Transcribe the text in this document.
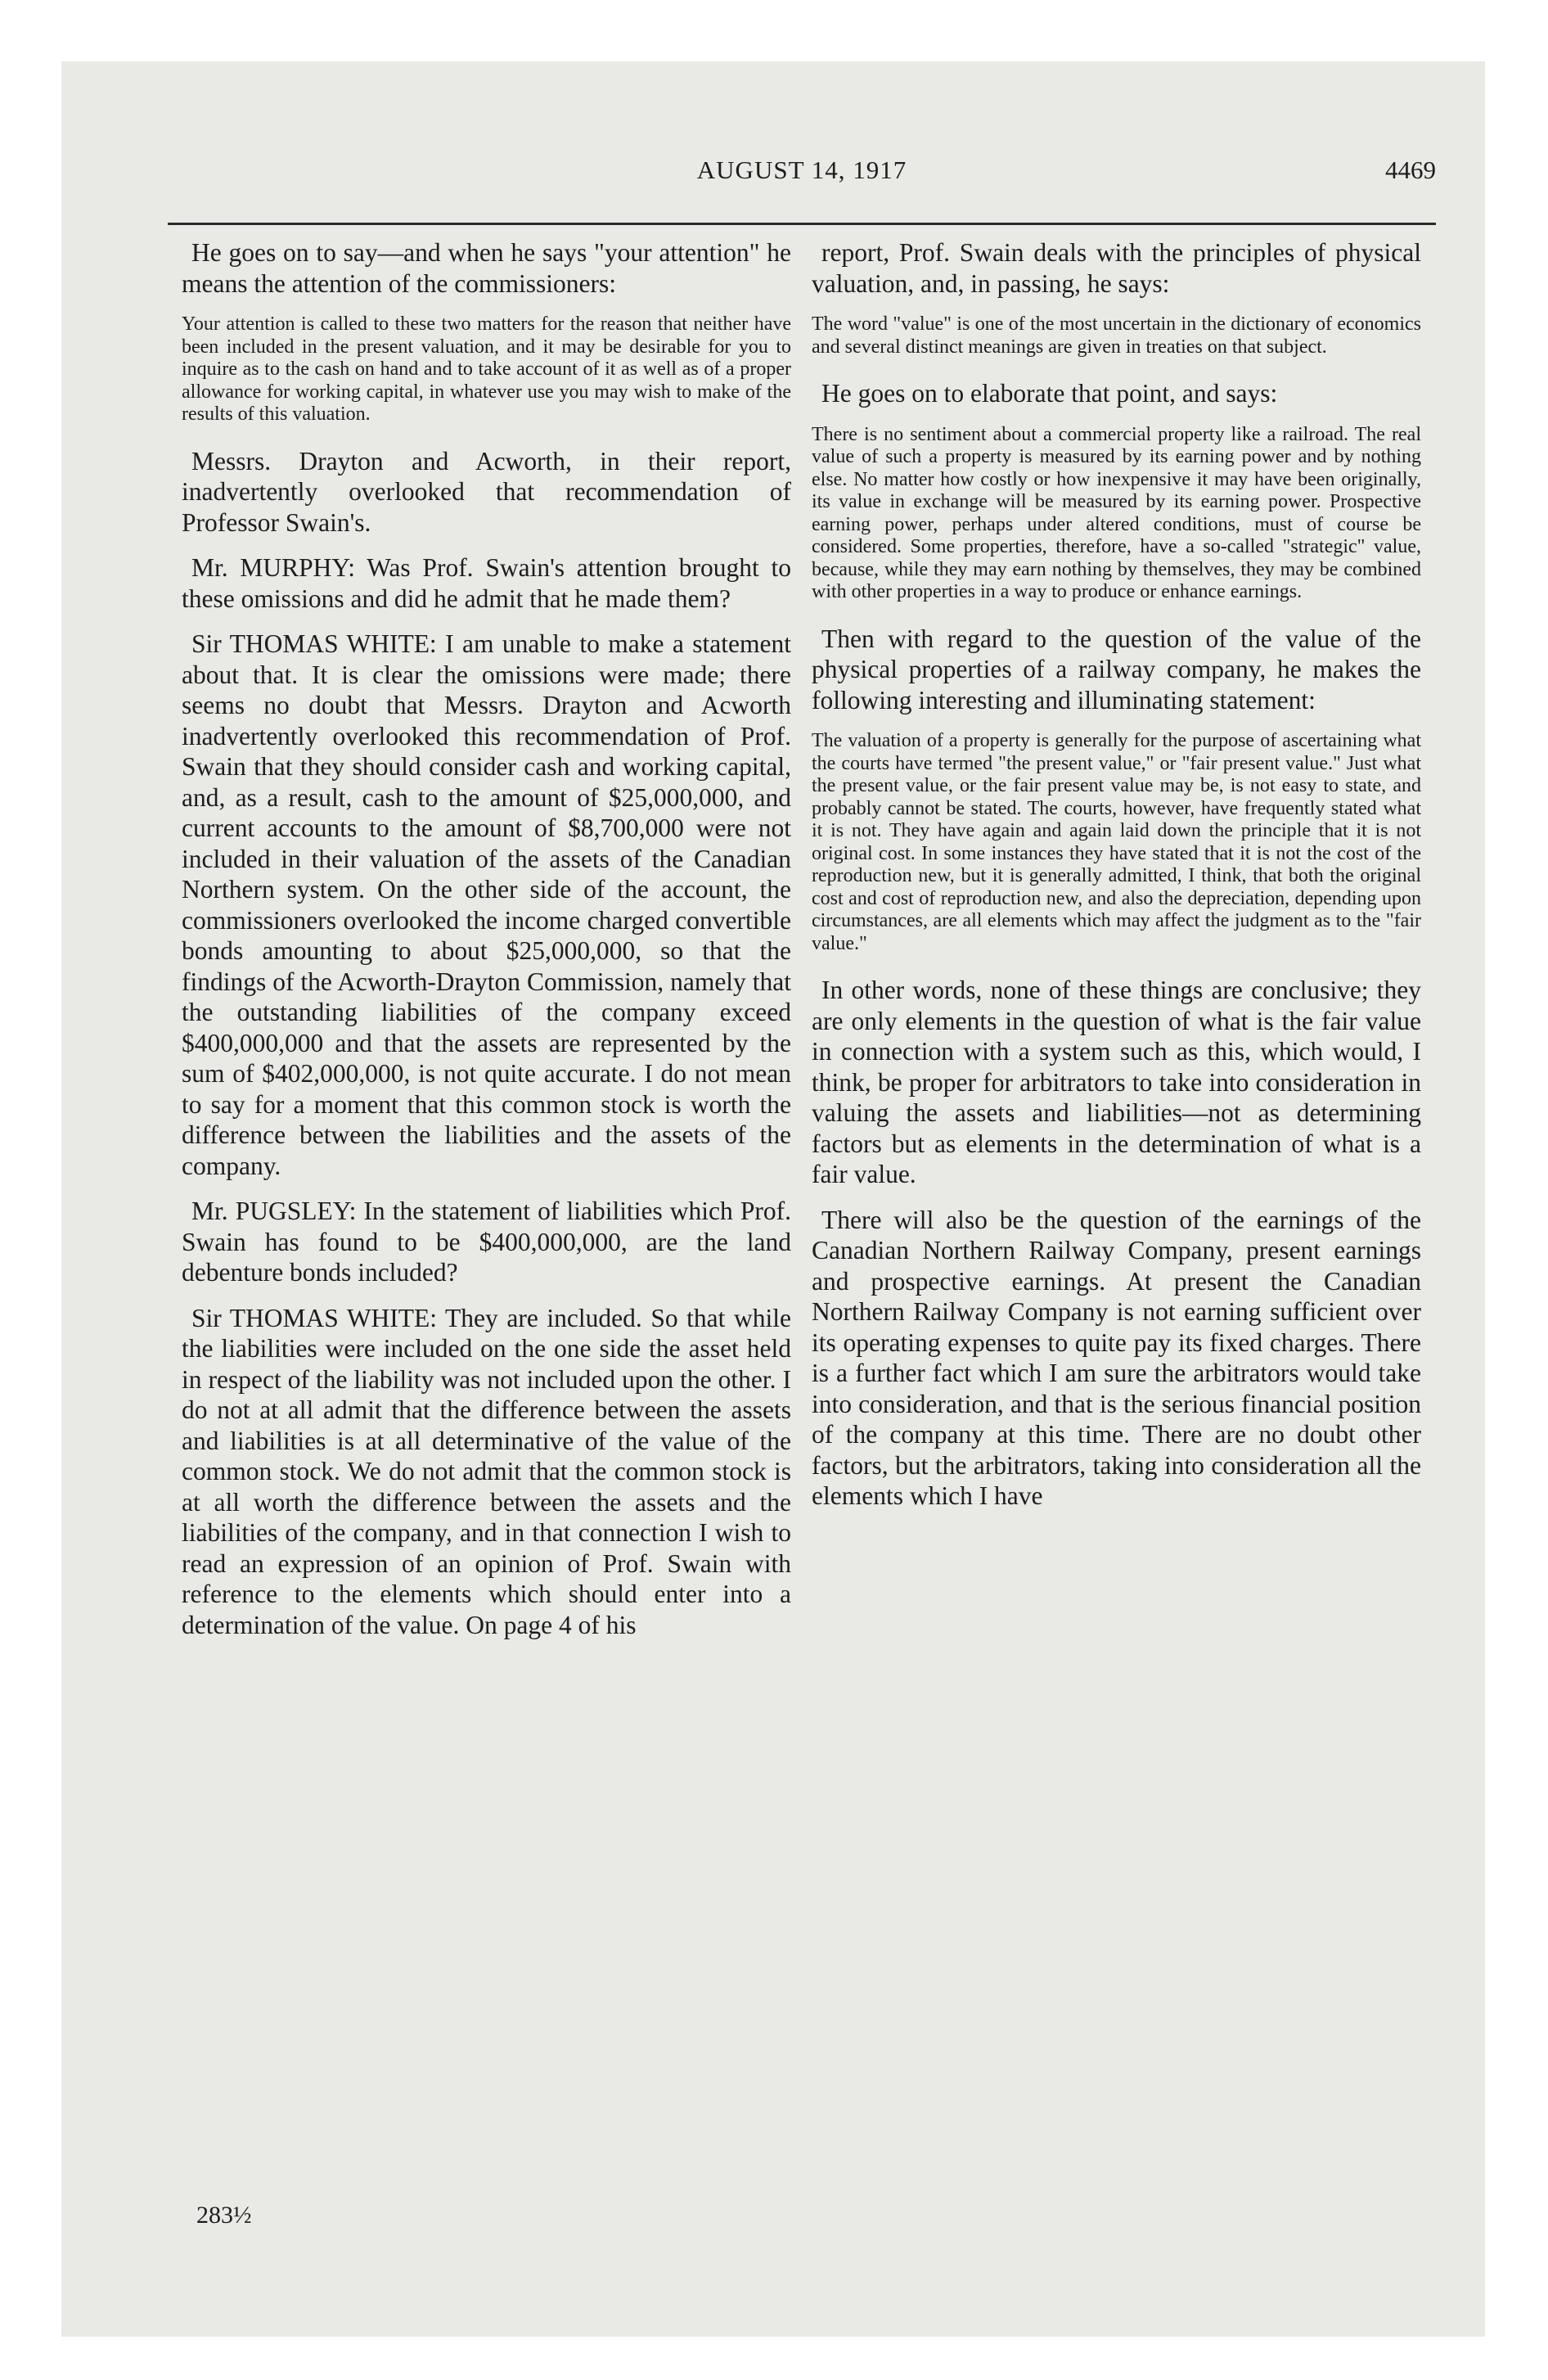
AUGUST 14, 1917	4469

He goes on to say—and when he says "your attention" he means the attention of the commissioners:

Your attention is called to these two matters for the reason that neither have been included in the present valuation, and it may be desirable for you to inquire as to the cash on hand and to take account of it as well as of a proper allowance for working capital, in whatever use you may wish to make of the results of this valuation.

Messrs. Drayton and Acworth, in their report, inadvertently overlooked that recommendation of Professor Swain's.

Mr. MURPHY: Was Prof. Swain's attention brought to these omissions and did he admit that he made them?

Sir THOMAS WHITE: I am unable to make a statement about that. It is clear the omissions were made; there seems no doubt that Messrs. Drayton and Acworth inadvertently overlooked this recommendation of Prof. Swain that they should consider cash and working capital, and, as a result, cash to the amount of $25,000,000, and current accounts to the amount of $8,700,000 were not included in their valuation of the assets of the Canadian Northern system. On the other side of the account, the commissioners overlooked the income charged convertible bonds amounting to about $25,000,000, so that the findings of the Acworth-Drayton Commission, namely that the outstanding liabilities of the company exceed $400,000,000 and that the assets are represented by the sum of $402,000,000, is not quite accurate. I do not mean to say for a moment that this common stock is worth the difference between the liabilities and the assets of the company.

Mr. PUGSLEY: In the statement of liabilities which Prof. Swain has found to be $400,000,000, are the land debenture bonds included?

Sir THOMAS WHITE: They are included. So that while the liabilities were included on the one side the asset held in respect of the liability was not included upon the other. I do not at all admit that the difference between the assets and liabilities is at all determinative of the value of the common stock. We do not admit that the common stock is at all worth the difference between the assets and the liabilities of the company, and in that connection I wish to read an expression of an opinion of Prof. Swain with reference to the elements which should enter into a determination of the value. On page 4 of his

report, Prof. Swain deals with the principles of physical valuation, and, in passing, he says:

The word "value" is one of the most uncertain in the dictionary of economics and several distinct meanings are given in treaties on that subject.

He goes on to elaborate that point, and says:

There is no sentiment about a commercial property like a railroad. The real value of such a property is measured by its earning power and by nothing else. No matter how costly or how inexpensive it may have been originally, its value in exchange will be measured by its earning power. Prospective earning power, perhaps under altered conditions, must of course be considered. Some properties, therefore, have a so-called "strategic" value, because, while they may earn nothing by themselves, they may be combined with other properties in a way to produce or enhance earnings.

Then with regard to the question of the value of the physical properties of a railway company, he makes the following interesting and illuminating statement:

The valuation of a property is generally for the purpose of ascertaining what the courts have termed "the present value," or "fair present value." Just what the present value, or the fair present value may be, is not easy to state, and probably cannot be stated. The courts, however, have frequently stated what it is not. They have again and again laid down the principle that it is not original cost. In some instances they have stated that it is not the cost of the reproduction new, but it is generally admitted, I think, that both the original cost and cost of reproduction new, and also the depreciation, depending upon circumstances, are all elements which may affect the judgment as to the "fair value."

In other words, none of these things are conclusive; they are only elements in the question of what is the fair value in connection with a system such as this, which would, I think, be proper for arbitrators to take into consideration in valuing the assets and liabilities—not as determining factors but as elements in the determination of what is a fair value.

There will also be the question of the earnings of the Canadian Northern Railway Company, present earnings and prospective earnings. At present the Canadian Northern Railway Company is not earning sufficient over its operating expenses to quite pay its fixed charges. There is a further fact which I am sure the arbitrators would take into consideration, and that is the serious financial position of the company at this time. There are no doubt other factors, but the arbitrators, taking into consideration all the elements which I have

283½
